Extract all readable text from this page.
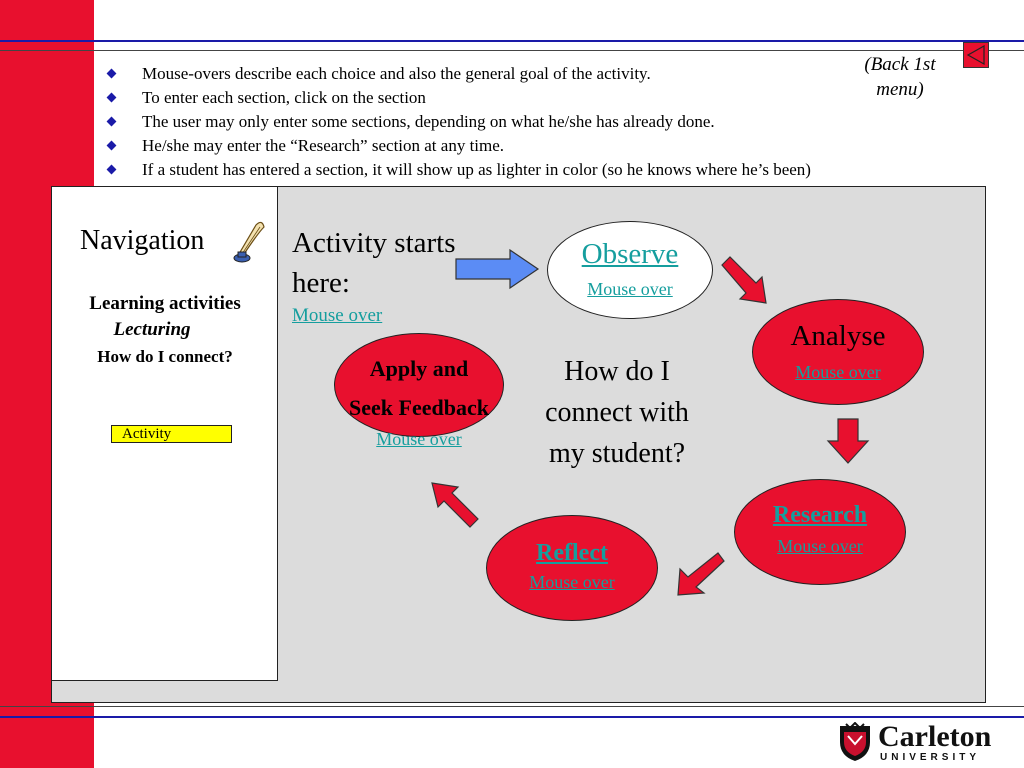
Mouse-overs describe each choice and also the general goal of the activity.
To enter each section, click on the section
The user may only enter some sections, depending on what he/she has already done.
He/she may enter the “Research” section at any time.
If a student has entered a section, it will show up as lighter in color (so he knows where he’s been)
(Back 1st
menu)
Navigation
Learning activities
Lecturing
How do I connect?
Activity
Activity starts
here:
Mouse over
Observe
Mouse over
Analyse
Mouse over
Research
Mouse over
Reflect
Mouse over
Apply and
Seek Feedback
Mouse over
How do I
connect with
my student?
Carleton
UNIVERSITY
